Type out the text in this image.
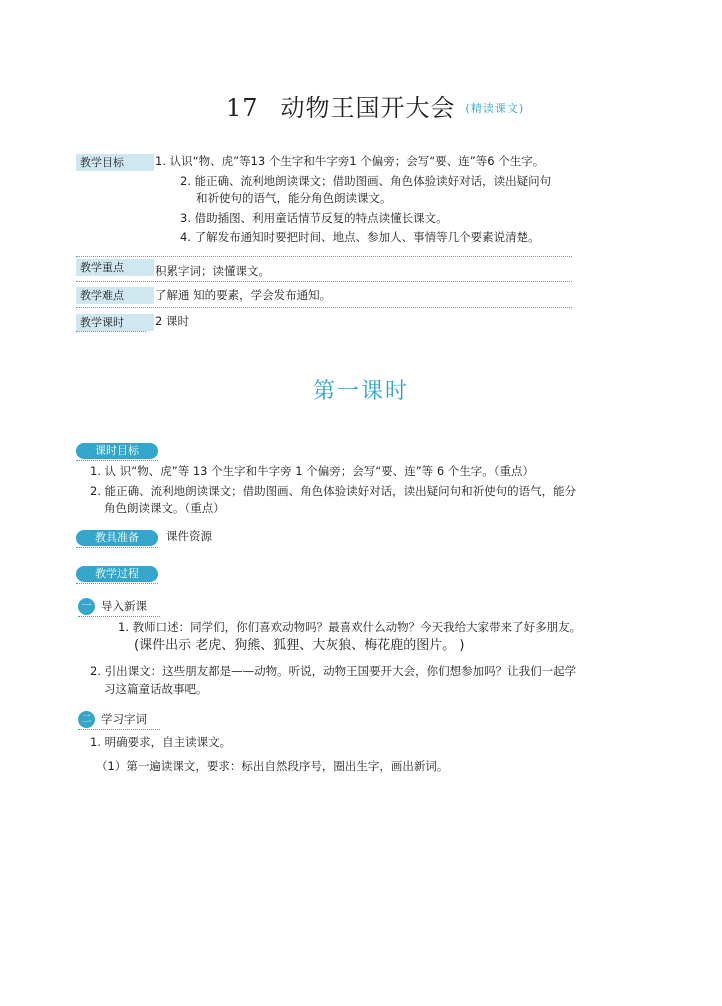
17 动物王国开大会 (精读课文)
教学目标	1. 认识“物、虎”等13 个生字和牛字旁1 个偏旁；会写“要、连”等6 个生字。
2. 能正确、流利地朗读课文；借助图画、角色体验读好对话，读出疑问句
和祈使句的语气，能分角色朗读课文。
3. 借助插图、利用童话情节反复的特点读懂长课文。
4. 了解发布通知时要把时间、地点、参加人、事情等几个要素说清楚。
教学重点	积累字词；读懂课文。
教学难点	了解通 知的要素，学会发布通知。
教学课时	2 课时
第一课时
课时目标
1. 认 识“物、虎”等 13 个生字和牛字旁 1 个偏旁；会写“要、连”等 6 个生字。（重点）
2. 能正确、流利地朗读课文；借助图画、角色体验读好对话，读出疑问句和祈使句的语气，能分
角色朗读课文。（重点）
教具准备	课件资源
教学过程
一 导入新课
1. 教师口述：同学们，你们喜欢动物吗？最喜欢什么动物？今天我给大家带来了好多朋友。
(课件出示 老虎、狗熊、狐狸、大灰狼、梅花鹿的图片。 )
2. 引出课文：这些朋友都是——动物。听说，动物王国要开大会，你们想参加吗？让我们一起学
习这篇童话故事吧。
二 学习字词
1. 明确要求，自主读课文。
（1）第一遍读课文，要求：标出自然段序号，圈出生字，画出新词。
